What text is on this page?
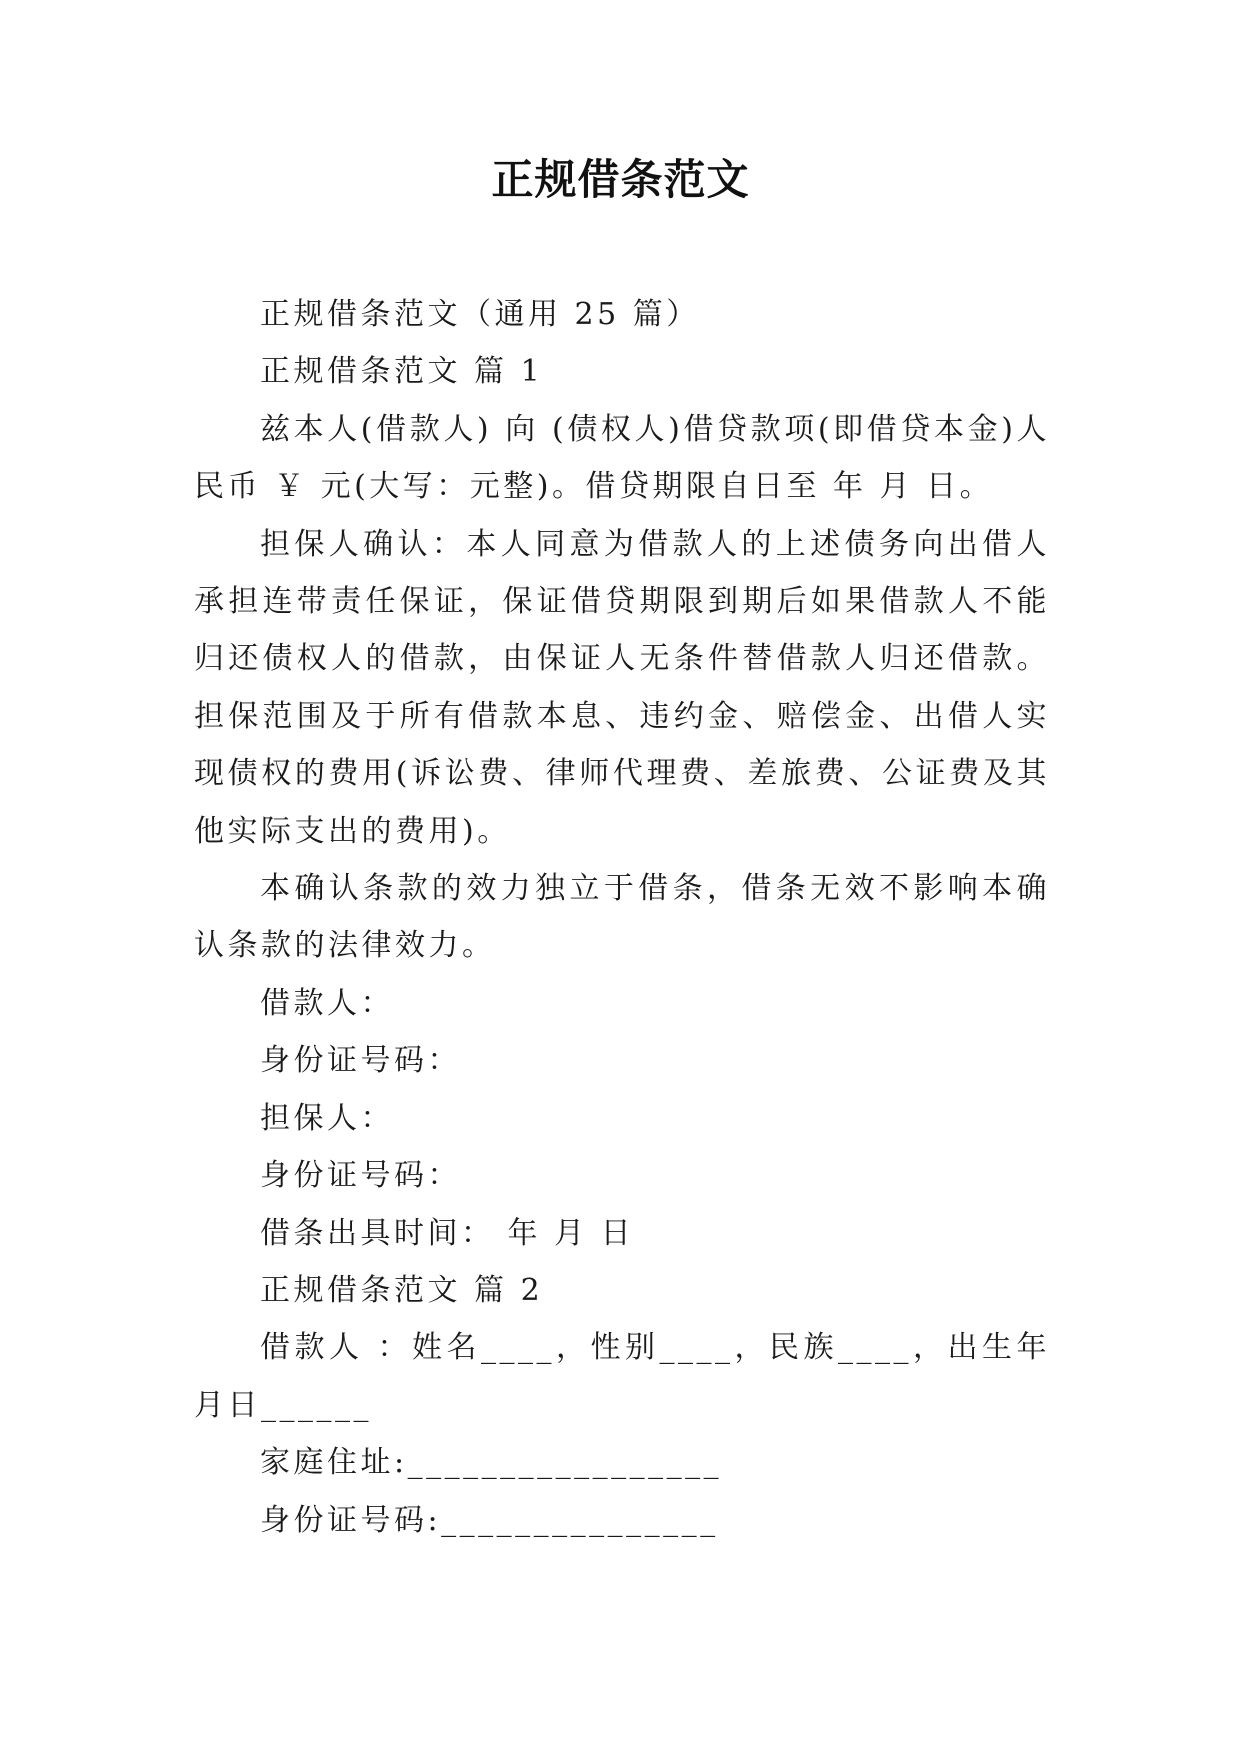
正规借条范文

正规借条范文（通用 25 篇）

正规借条范文 篇 1

兹本人(借款人) 向 (债权人)借贷款项(即借贷本金)人民币 ￥ 元(大写：元整)。借贷期限自日至 年 月 日。

担保人确认：本人同意为借款人的上述债务向出借人承担连带责任保证，保证借贷期限到期后如果借款人不能归还债权人的借款，由保证人无条件替借款人归还借款。担保范围及于所有借款本息、违约金、赔偿金、出借人实现债权的费用(诉讼费、律师代理费、差旅费、公证费及其他实际支出的费用)。

本确认条款的效力独立于借条，借条无效不影响本确认条款的法律效力。

借款人：

身份证号码：

担保人：

身份证号码：

借条出具时间： 年 月 日

正规借条范文 篇 2

借款人 ：姓名____，性别____，民族____，出生年月日______

家庭住址:_________________

身份证号码:_______________
